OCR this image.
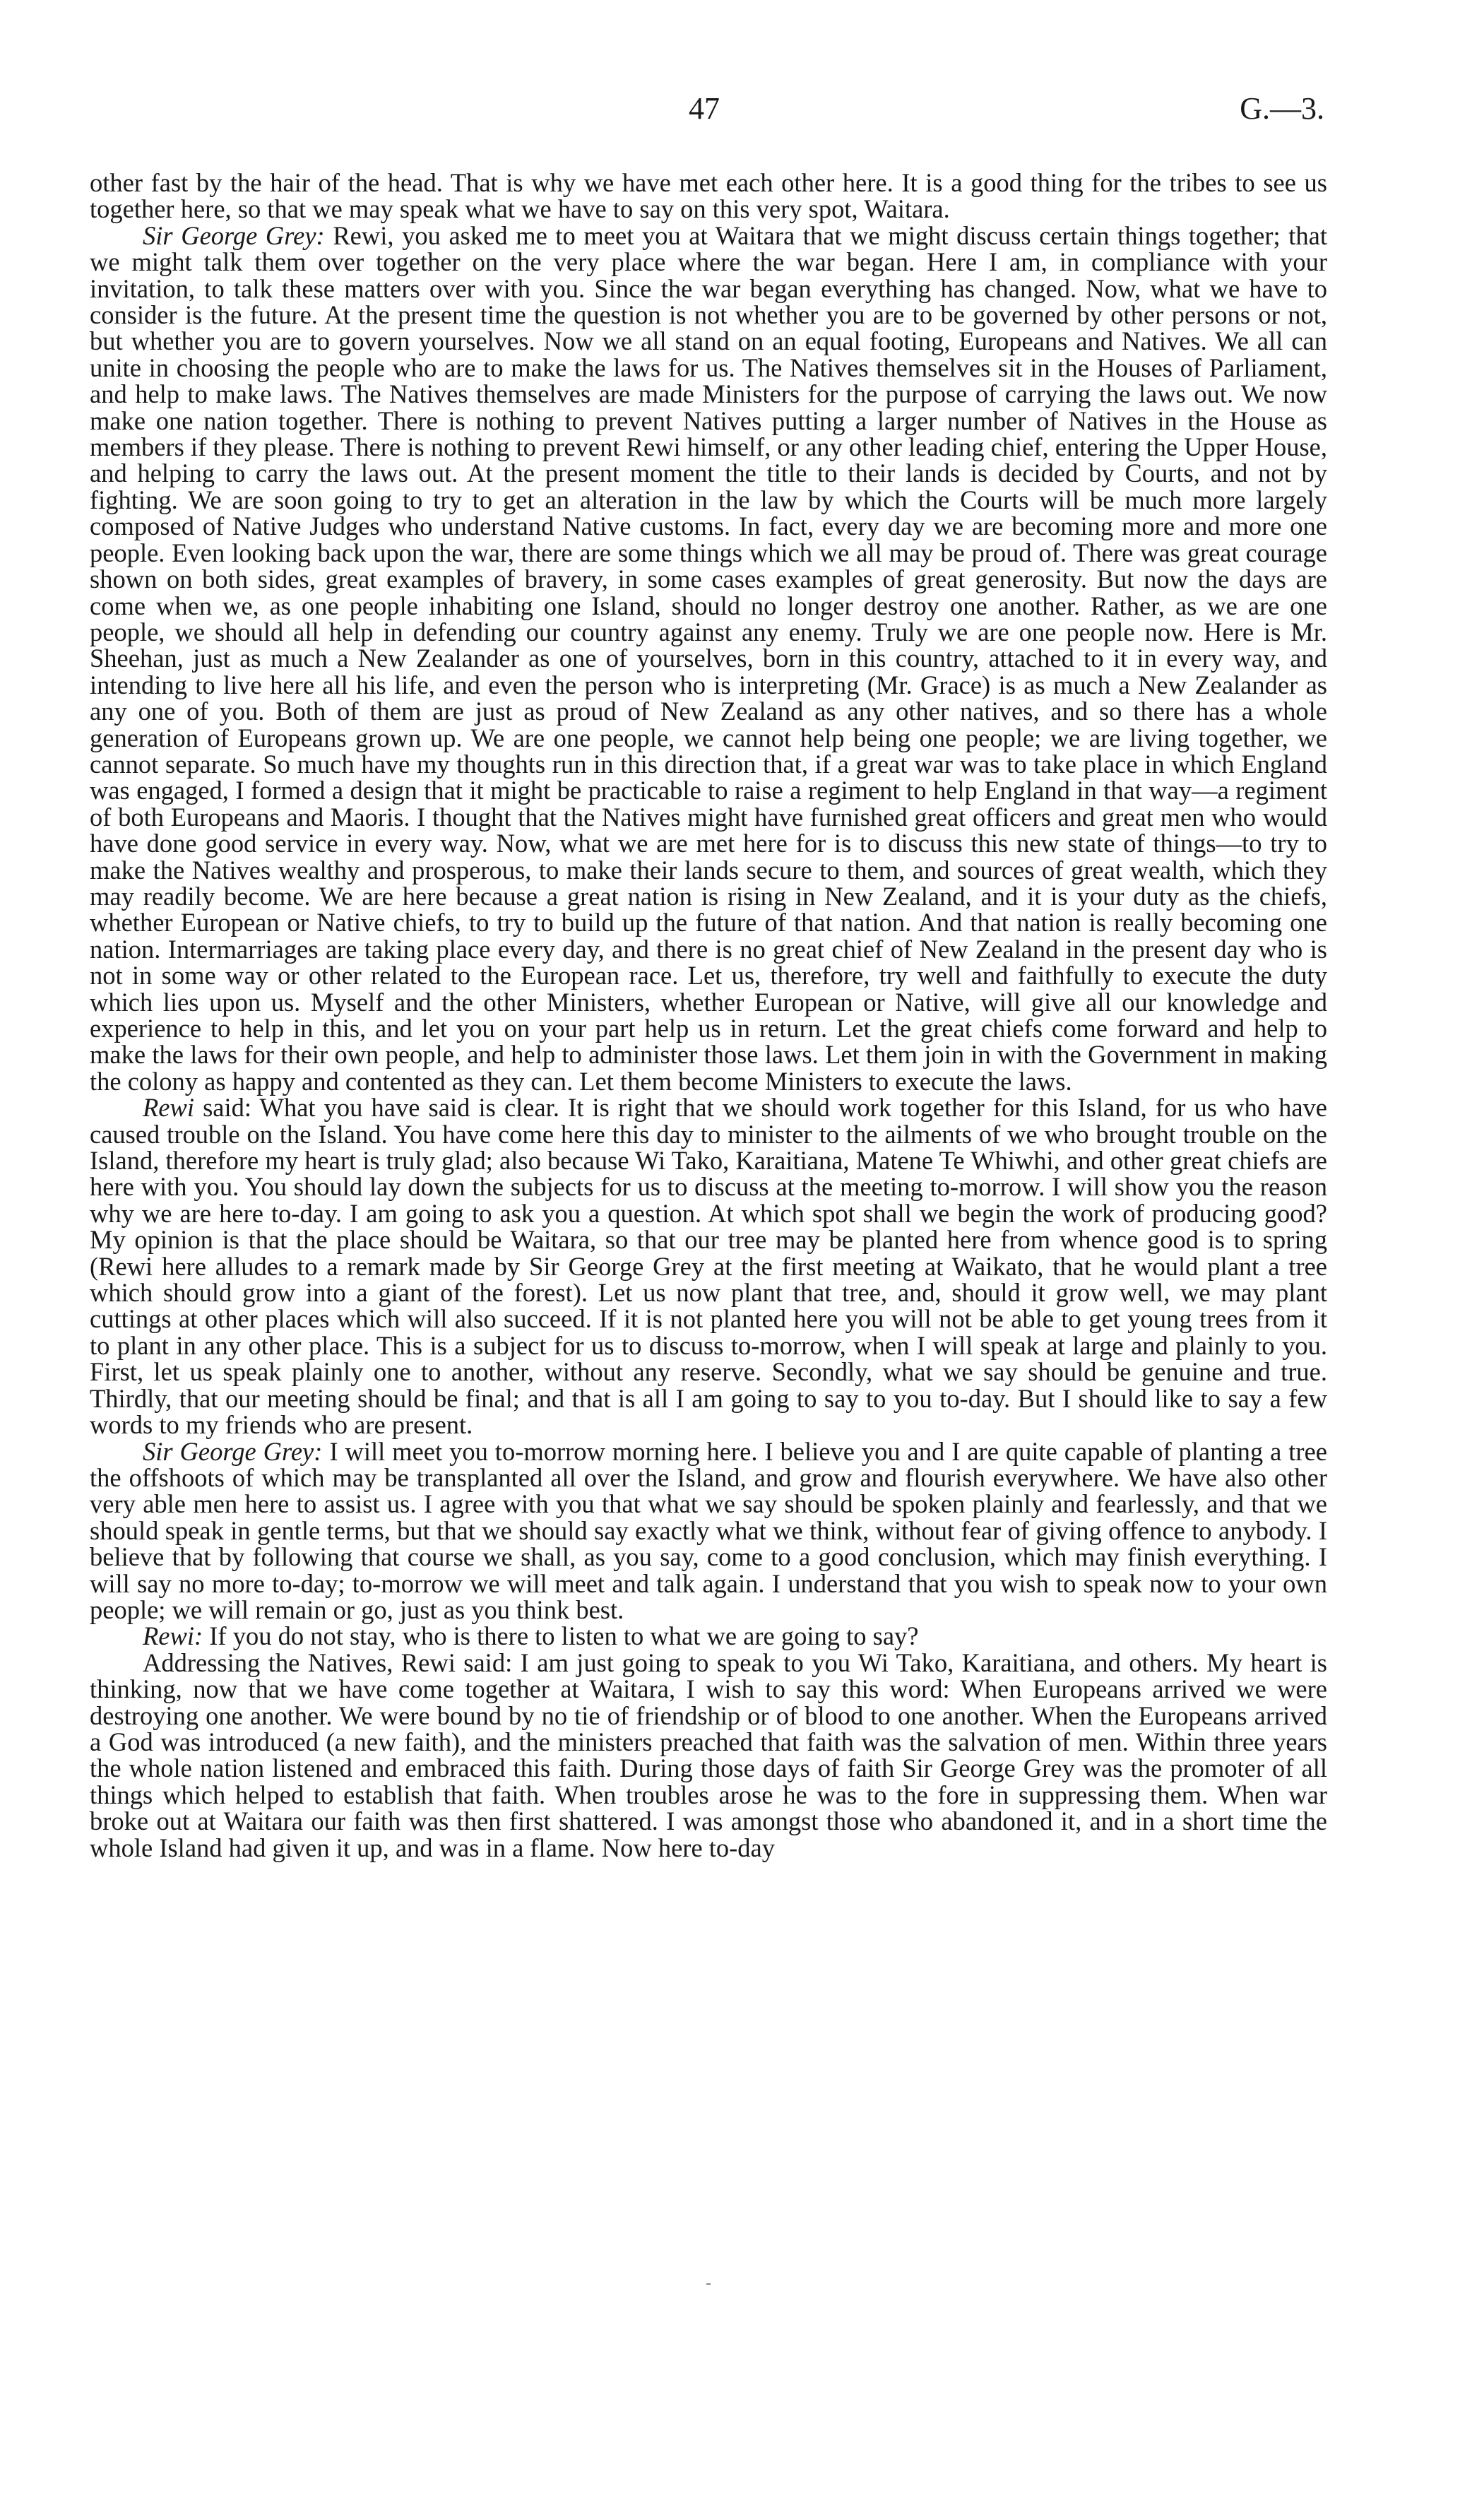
47	G.—3.

other fast by the hair of the head. That is why we have met each other here. It is a good thing for the tribes to see us together here, so that we may speak what we have to say on this very spot, Waitara.

Sir George Grey: Rewi, you asked me to meet you at Waitara that we might discuss certain things together; that we might talk them over together on the very place where the war began. Here I am, in compliance with your invitation, to talk these matters over with you. Since the war began everything has changed. Now, what we have to consider is the future. At the present time the question is not whether you are to be governed by other persons or not, but whether you are to govern yourselves. Now we all stand on an equal footing, Europeans and Natives. We all can unite in choosing the people who are to make the laws for us. The Natives themselves sit in the Houses of Parliament, and help to make laws. The Natives themselves are made Ministers for the purpose of carrying the laws out. We now make one nation together. There is nothing to prevent Natives putting a larger number of Natives in the House as members if they please. There is nothing to prevent Rewi himself, or any other leading chief, entering the Upper House, and helping to carry the laws out. At the present moment the title to their lands is decided by Courts, and not by fighting. We are soon going to try to get an alteration in the law by which the Courts will be much more largely composed of Native Judges who understand Native customs. In fact, every day we are becoming more and more one people. Even looking back upon the war, there are some things which we all may be proud of. There was great courage shown on both sides, great examples of bravery, in some cases examples of great generosity. But now the days are come when we, as one people inhabiting one Island, should no longer destroy one another. Rather, as we are one people, we should all help in defending our country against any enemy. Truly we are one people now. Here is Mr. Sheehan, just as much a New Zealander as one of yourselves, born in this country, attached to it in every way, and intending to live here all his life, and even the person who is interpreting (Mr. Grace) is as much a New Zealander as any one of you. Both of them are just as proud of New Zealand as any other natives, and so there has a whole generation of Europeans grown up. We are one people, we cannot help being one people; we are living together, we cannot separate. So much have my thoughts run in this direction that, if a great war was to take place in which England was engaged, I formed a design that it might be practicable to raise a regiment to help England in that way—a regiment of both Europeans and Maoris. I thought that the Natives might have furnished great officers and great men who would have done good service in every way. Now, what we are met here for is to discuss this new state of things—to try to make the Natives wealthy and prosperous, to make their lands secure to them, and sources of great wealth, which they may readily become. We are here because a great nation is rising in New Zealand, and it is your duty as the chiefs, whether European or Native chiefs, to try to build up the future of that nation. And that nation is really becoming one nation. Intermarriages are taking place every day, and there is no great chief of New Zealand in the present day who is not in some way or other related to the European race. Let us, therefore, try well and faithfully to execute the duty which lies upon us. Myself and the other Ministers, whether European or Native, will give all our knowledge and experience to help in this, and let you on your part help us in return. Let the great chiefs come forward and help to make the laws for their own people, and help to administer those laws. Let them join in with the Government in making the colony as happy and contented as they can. Let them become Ministers to execute the laws.

Rewi said: What you have said is clear. It is right that we should work together for this Island, for us who have caused trouble on the Island. You have come here this day to minister to the ailments of we who brought trouble on the Island, therefore my heart is truly glad; also because Wi Tako, Karaitiana, Matene Te Whiwhi, and other great chiefs are here with you. You should lay down the subjects for us to discuss at the meeting to-morrow. I will show you the reason why we are here to-day. I am going to ask you a question. At which spot shall we begin the work of producing good? My opinion is that the place should be Waitara, so that our tree may be planted here from whence good is to spring (Rewi here alludes to a remark made by Sir George Grey at the first meeting at Waikato, that he would plant a tree which should grow into a giant of the forest). Let us now plant that tree, and, should it grow well, we may plant cuttings at other places which will also succeed. If it is not planted here you will not be able to get young trees from it to plant in any other place. This is a subject for us to discuss to-morrow, when I will speak at large and plainly to you. First, let us speak plainly one to another, without any reserve. Secondly, what we say should be genuine and true. Thirdly, that our meeting should be final; and that is all I am going to say to you to-day. But I should like to say a few words to my friends who are present.

Sir George Grey: I will meet you to-morrow morning here. I believe you and I are quite capable of planting a tree the offshoots of which may be transplanted all over the Island, and grow and flourish everywhere. We have also other very able men here to assist us. I agree with you that what we say should be spoken plainly and fearlessly, and that we should speak in gentle terms, but that we should say exactly what we think, without fear of giving offence to anybody. I believe that by following that course we shall, as you say, come to a good conclusion, which may finish everything. I will say no more to-day; to-morrow we will meet and talk again. I understand that you wish to speak now to your own people; we will remain or go, just as you think best.

Rewi: If you do not stay, who is there to listen to what we are going to say?

Addressing the Natives, Rewi said: I am just going to speak to you Wi Tako, Karaitiana, and others. My heart is thinking, now that we have come together at Waitara, I wish to say this word: When Europeans arrived we were destroying one another. We were bound by no tie of friendship or of blood to one another. When the Europeans arrived a God was introduced (a new faith), and the ministers preached that faith was the salvation of men. Within three years the whole nation listened and embraced this faith. During those days of faith Sir George Grey was the promoter of all things which helped to establish that faith. When troubles arose he was to the fore in suppressing them. When war broke out at Waitara our faith was then first shattered. I was amongst those who abandoned it, and in a short time the whole Island had given it up, and was in a flame. Now here to-day
